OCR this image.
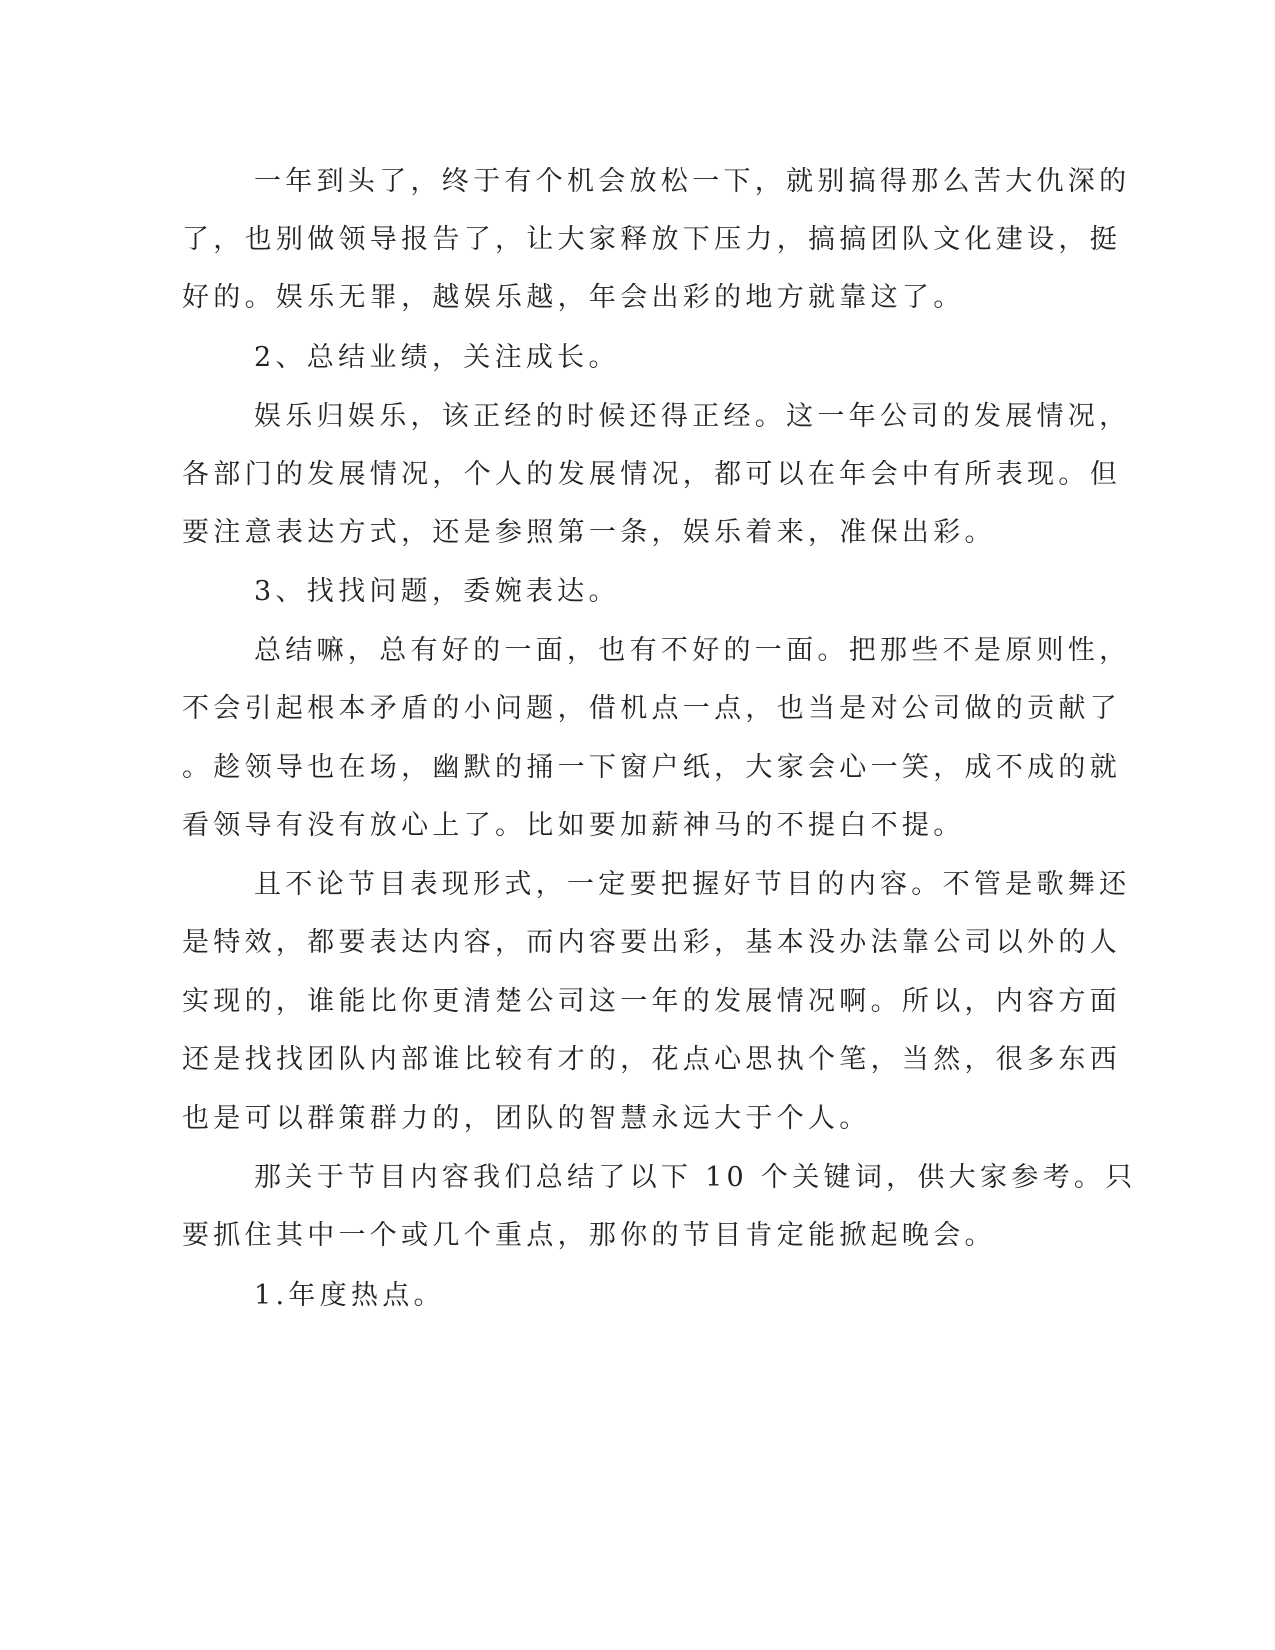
一年到头了，终于有个机会放松一下，就别搞得那么苦大仇深的

了，也别做领导报告了，让大家释放下压力，搞搞团队文化建设，挺

好的。娱乐无罪，越娱乐越，年会出彩的地方就靠这了。

2、总结业绩，关注成长。

娱乐归娱乐，该正经的时候还得正经。这一年公司的发展情况，

各部门的发展情况，个人的发展情况，都可以在年会中有所表现。但

要注意表达方式，还是参照第一条，娱乐着来，准保出彩。

3、找找问题，委婉表达。

总结嘛，总有好的一面，也有不好的一面。把那些不是原则性，

不会引起根本矛盾的小问题，借机点一点，也当是对公司做的贡献了

。趁领导也在场，幽默的捅一下窗户纸，大家会心一笑，成不成的就

看领导有没有放心上了。比如要加薪神马的不提白不提。

且不论节目表现形式，一定要把握好节目的内容。不管是歌舞还

是特效，都要表达内容，而内容要出彩，基本没办法靠公司以外的人

实现的，谁能比你更清楚公司这一年的发展情况啊。所以，内容方面

还是找找团队内部谁比较有才的，花点心思执个笔，当然，很多东西

也是可以群策群力的，团队的智慧永远大于个人。

那关于节目内容我们总结了以下 10 个关键词，供大家参考。只

要抓住其中一个或几个重点，那你的节目肯定能掀起晚会。

1.年度热点。
